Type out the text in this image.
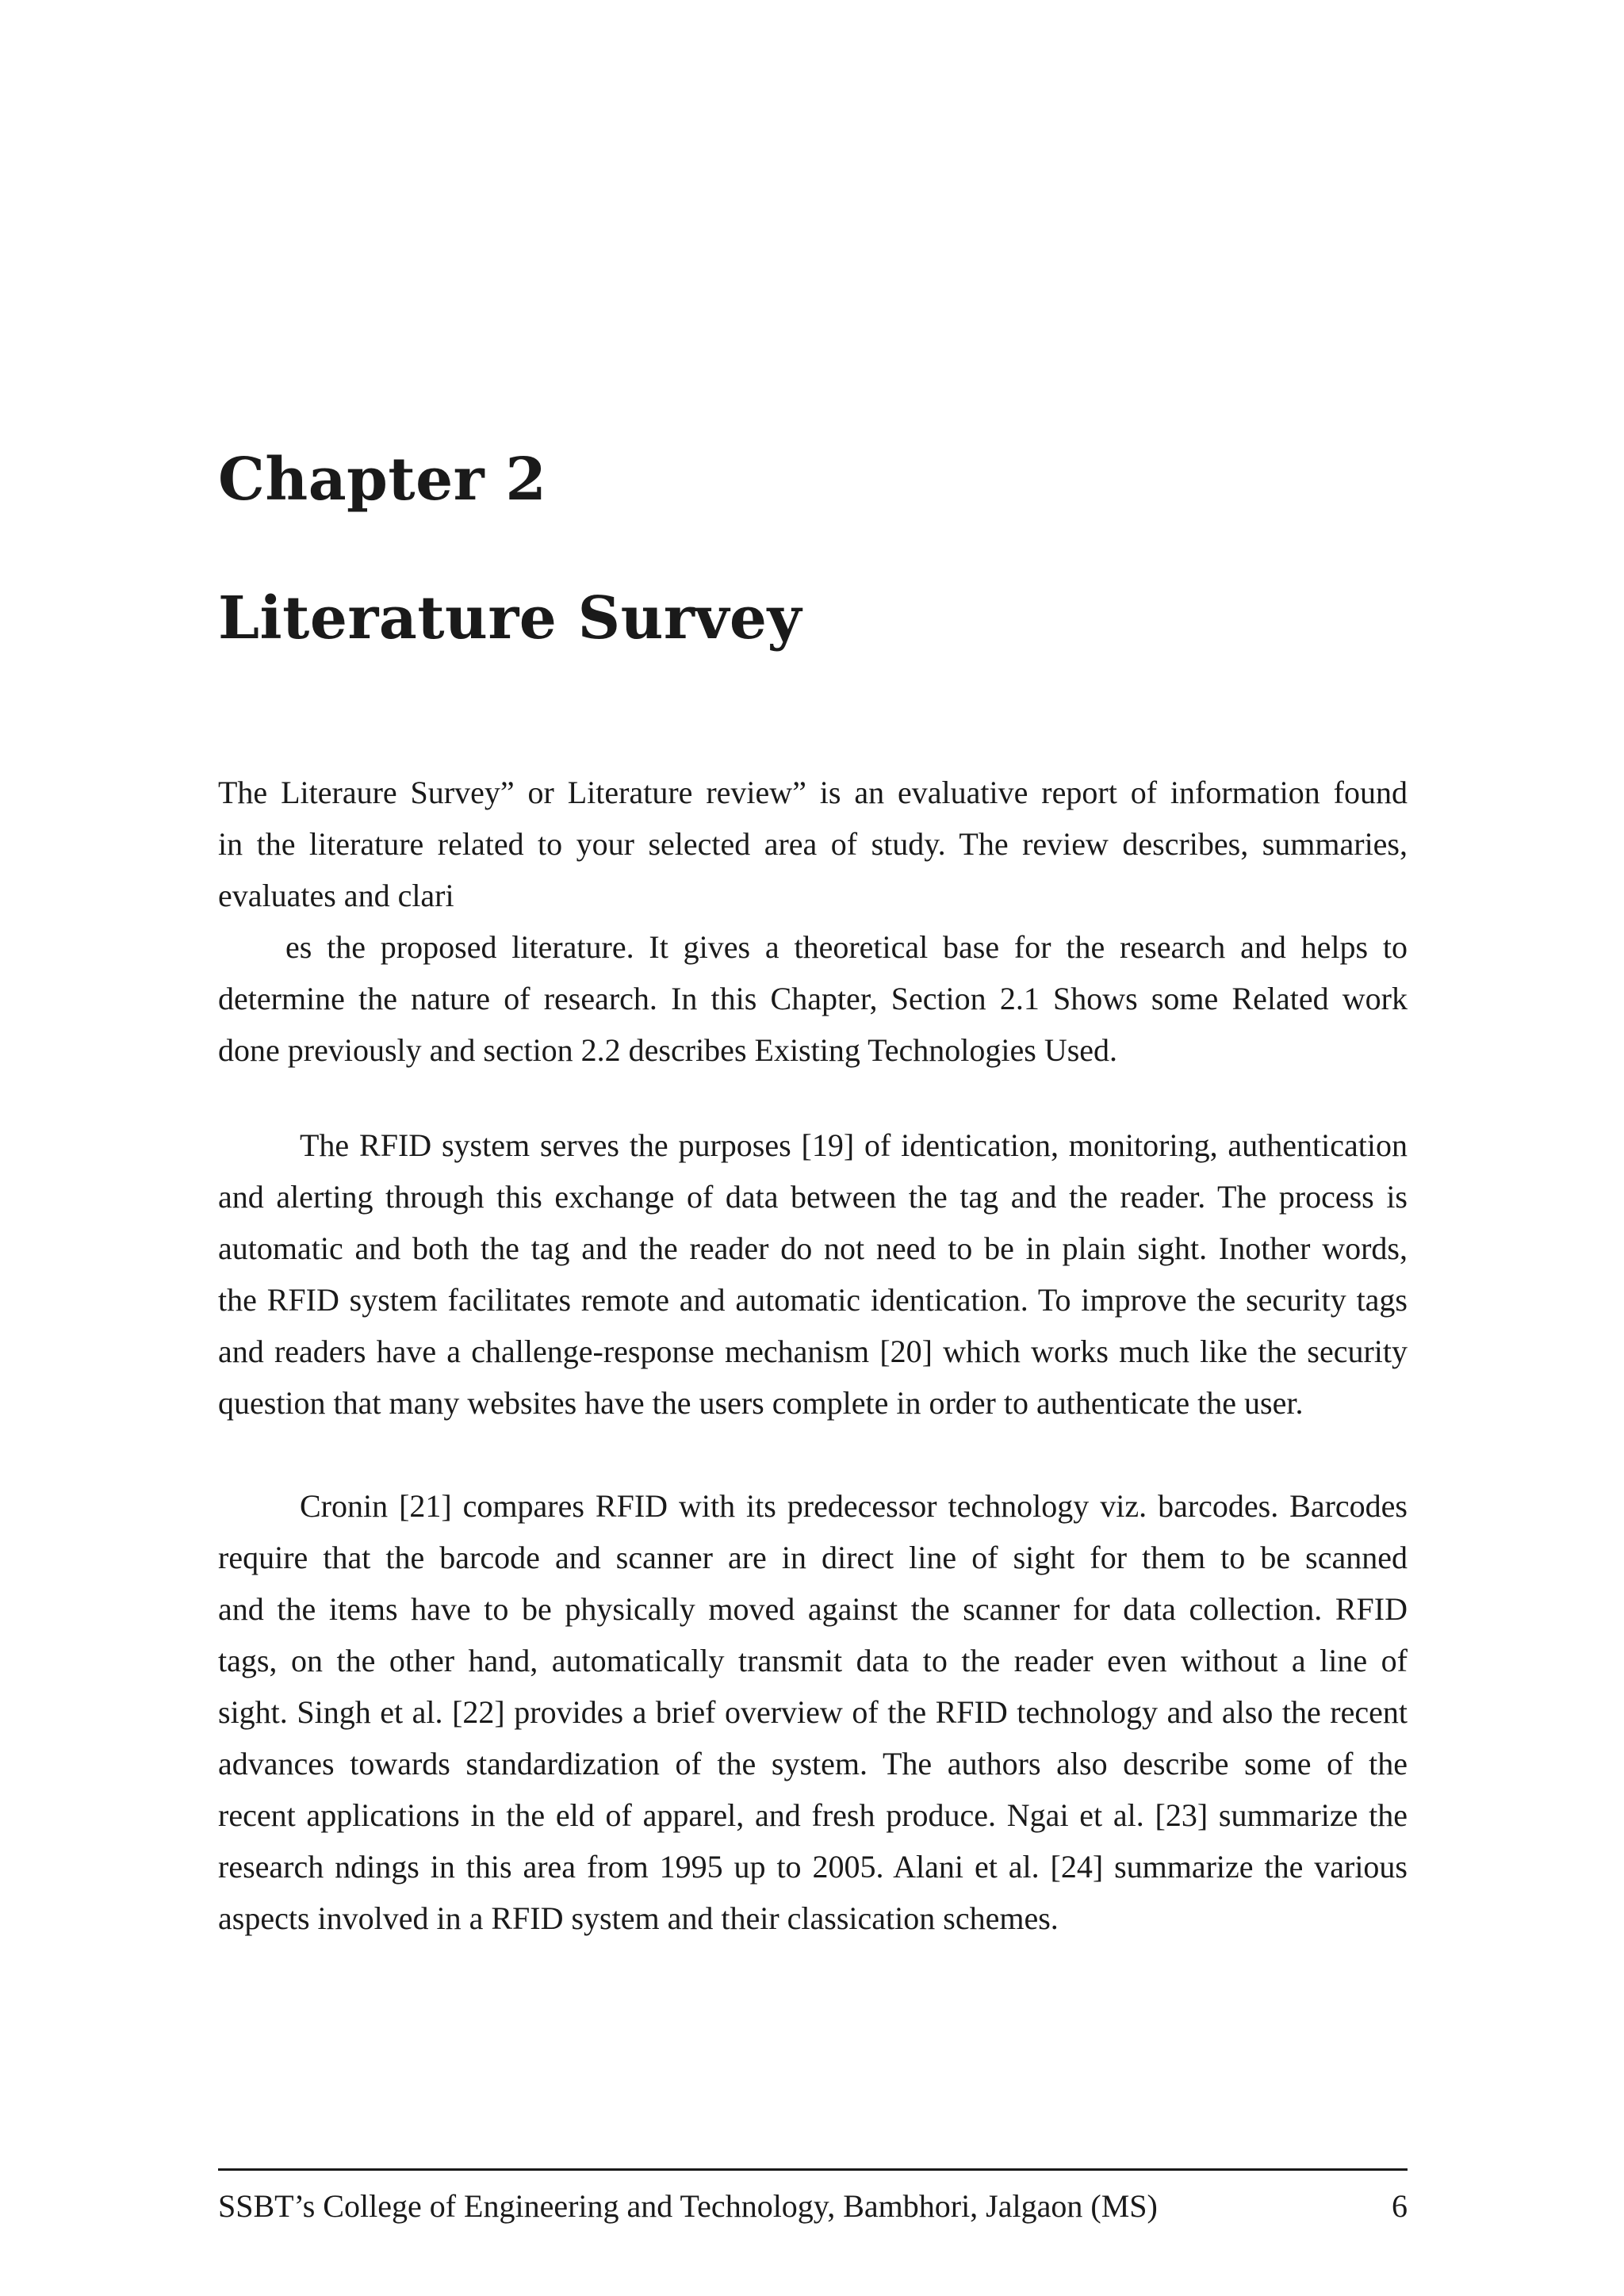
Chapter 2
Literature Survey

The Literaure Survey” or Literature review” is an evaluative report of information found
in the literature related to your selected area of study. The review describes, summaries,
evaluates and clari
es the proposed literature. It gives a theoretical base for the research and helps to
determine the nature of research. In this Chapter, Section 2.1 Shows some Related work
done previously and section 2.2 describes Existing Technologies Used.

The RFID system serves the purposes [19] of identication, monitoring, authentication
and alerting through this exchange of data between the tag and the reader. The process is
automatic and both the tag and the reader do not need to be in plain sight. Inother words,
the RFID system facilitates remote and automatic identication. To improve the security tags
and readers have a challenge-response mechanism [20] which works much like the security
question that many websites have the users complete in order to authenticate the user.

Cronin [21] compares RFID with its predecessor technology viz. barcodes. Barcodes
require that the barcode and scanner are in direct line of sight for them to be scanned
and the items have to be physically moved against the scanner for data collection. RFID
tags, on the other hand, automatically transmit data to the reader even without a line of
sight. Singh et al. [22] provides a brief overview of the RFID technology and also the recent
advances towards standardization of the system. The authors also describe some of the
recent applications in the eld of apparel, and fresh produce. Ngai et al. [23] summarize the
research ndings in this area from 1995 up to 2005. Alani et al. [24] summarize the various
aspects involved in a RFID system and their classication schemes.

SSBT’s College of Engineering and Technology, Bambhori, Jalgaon (MS)	6
